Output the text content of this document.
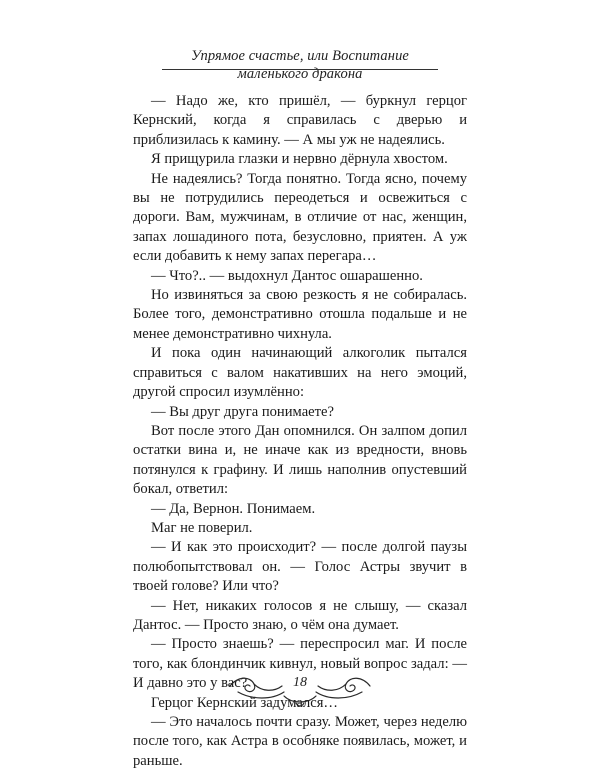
Упрямое счастье, или Воспитание маленького дракона

— Надо же, кто пришёл, — буркнул герцог Кернский, когда я справилась с дверью и приблизилась к камину. — А мы уж не надеялись.

Я прищурила глазки и нервно дёрнула хвостом.

Не надеялись? Тогда понятно. Тогда ясно, почему вы не потрудились переодеться и освежиться с дороги. Вам, мужчинам, в отличие от нас, женщин, запах лошадиного пота, безусловно, приятен. А уж если добавить к нему запах перегара…

— Что?.. — выдохнул Дантос ошарашенно.

Но извиняться за свою резкость я не собиралась. Более того, демонстративно отошла подальше и не менее демонстративно чихнула.

И пока один начинающий алкоголик пытался справиться с валом накативших на него эмоций, другой спросил изумлённо:

— Вы друг друга понимаете?

Вот после этого Дан опомнился. Он залпом допил остатки вина и, не иначе как из вредности, вновь потянулся к графину. И лишь наполнив опустевший бокал, ответил:

— Да, Вернон. Понимаем.

Маг не поверил.

— И как это происходит? — после долгой паузы полюбопытствовал он. — Голос Астры звучит в твоей голове? Или что?

— Нет, никаких голосов я не слышу, — сказал Дантос. — Просто знаю, о чём она думает.

— Просто знаешь? — переспросил маг. И после того, как блондинчик кивнул, новый вопрос задал: — И давно это у вас?

Герцог Кернский задумался…

— Это началось почти сразу. Может, через неделю после того, как Астра в особняке появилась, может, и раньше.

18
